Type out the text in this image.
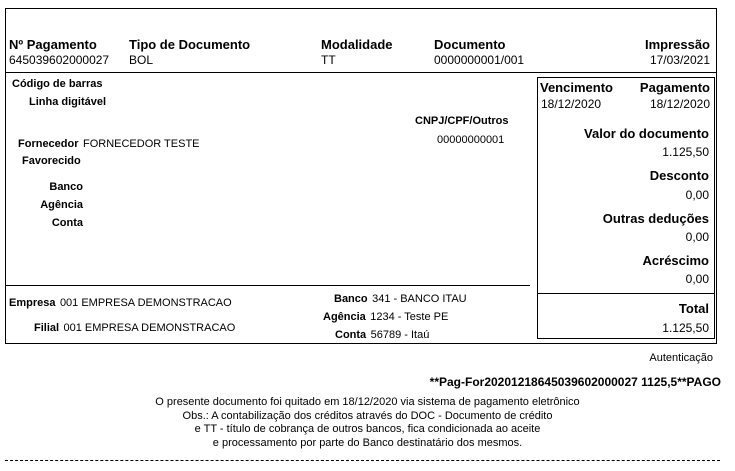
Nº Pagamento
645039602000027
Tipo de Documento
BOL
Modalidade
TT
Documento
0000000001/001
Impressão
17/03/2021
Código de barras
Linha digitável
CNPJ/CPF/Outros
00000000001
Fornecedor FORNECEDOR TESTE
Favorecido
Banco
Agência
Conta
Empresa 001 EMPRESA DEMONSTRACAO
Filial 001 EMPRESA DEMONSTRACAO
Banco 341 - BANCO ITAU
Agência 1234 - Teste PE
Conta 56789 - Itaú
Vencimento
18/12/2020
Pagamento
18/12/2020
Valor do documento
1.125,50
Desconto
0,00
Outras deduções
0,00
Acréscimo
0,00
Total
1.125,50
Autenticação
**Pag-For20201218645039602000027 1125,5**PAGO
O presente documento foi quitado em 18/12/2020 via sistema de pagamento eletrônico
Obs.: A contabilização dos créditos através do DOC - Documento de crédito
e TT - título de cobrança de outros bancos, fica condicionada ao aceite
e processamento por parte do Banco destinatário dos mesmos.
